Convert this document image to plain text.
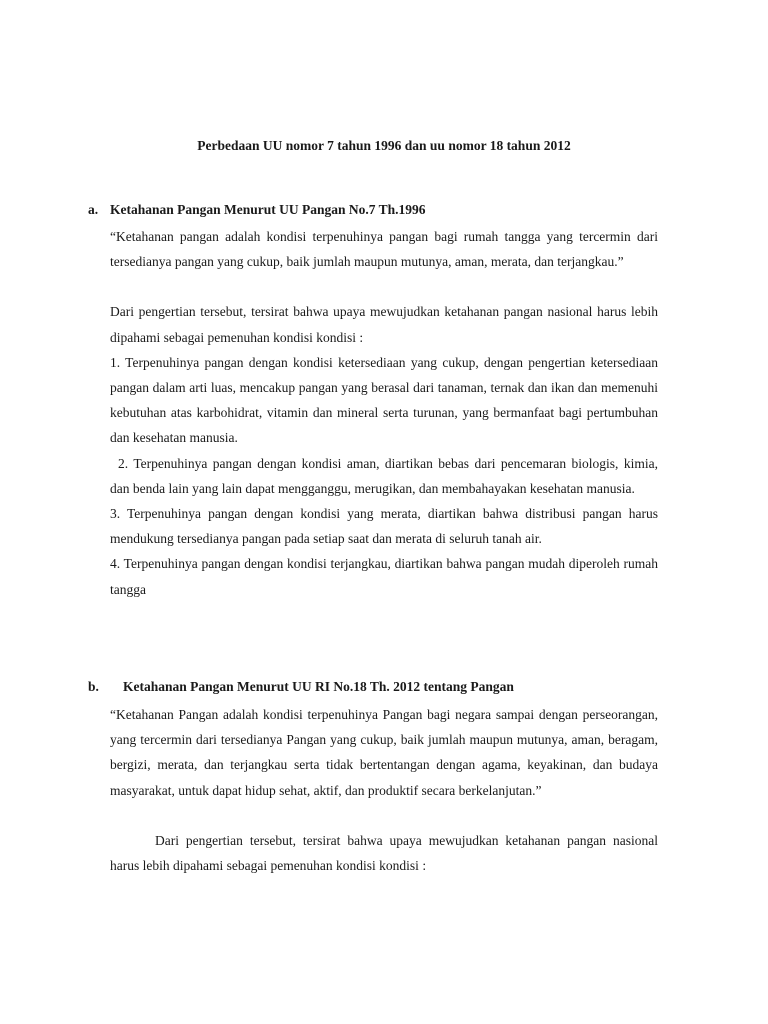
Perbedaan UU nomor 7 tahun 1996 dan uu nomor 18 tahun 2012
a. Ketahanan Pangan Menurut UU Pangan No.7 Th.1996

“Ketahanan pangan adalah kondisi terpenuhinya pangan bagi rumah tangga yang tercermin dari tersedianya pangan yang cukup, baik jumlah maupun mutunya, aman, merata, dan terjangkau.”

Dari pengertian tersebut, tersirat bahwa upaya mewujudkan ketahanan pangan nasional harus lebih dipahami sebagai pemenuhan kondisi kondisi :

1. Terpenuhinya pangan dengan kondisi ketersediaan yang cukup, dengan pengertian ketersediaan pangan dalam arti luas, mencakup pangan yang berasal dari tanaman, ternak dan ikan dan memenuhi kebutuhan atas karbohidrat, vitamin dan mineral serta turunan, yang bermanfaat bagi pertumbuhan dan kesehatan manusia.

2. Terpenuhinya pangan dengan kondisi aman, diartikan bebas dari pencemaran biologis, kimia, dan benda lain yang lain dapat mengganggu, merugikan, dan membahayakan kesehatan manusia.

3. Terpenuhinya pangan dengan kondisi yang merata, diartikan bahwa distribusi pangan harus mendukung tersedianya pangan pada setiap saat dan merata di seluruh tanah air.

4. Terpenuhinya pangan dengan kondisi terjangkau, diartikan bahwa pangan mudah diperoleh rumah tangga

b. Ketahanan Pangan Menurut UU RI No.18 Th. 2012 tentang Pangan

“Ketahanan Pangan adalah kondisi terpenuhinya Pangan bagi negara sampai dengan perseorangan, yang tercermin dari tersedianya Pangan yang cukup, baik jumlah maupun mutunya, aman, beragam, bergizi, merata, dan terjangkau serta tidak bertentangan dengan agama, keyakinan, dan budaya masyarakat, untuk dapat hidup sehat, aktif, dan produktif secara berkelanjutan.”

Dari pengertian tersebut, tersirat bahwa upaya mewujudkan ketahanan pangan nasional harus lebih dipahami sebagai pemenuhan kondisi kondisi :
